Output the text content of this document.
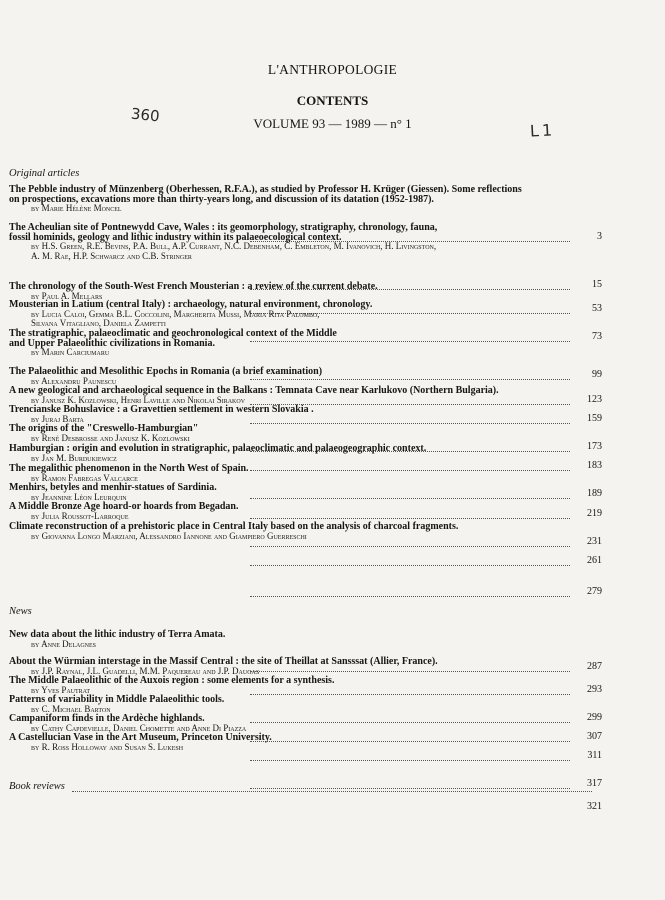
L'ANTHROPOLOGIE
CONTENTS
VOLUME 93 — 1989 — n° 1
360
L1
Original articles
The Pebble industry of Münzenberg (Oberhessen, R.F.A.), as studied by Professor H. Krüger (Giessen). Some reflections
on prospections, excavations more than thirty-years long, and discussion of its datation (1952-1987).
by Marie Hélène Moncel
3
The Acheulian site of Pontnewydd Cave, Wales : its geomorphology, stratigraphy, chronology, fauna,
fossil hominids, geology and lithic industry within its palaeoecological context.
by H.S. Green, R.E. Bevins, P.A. Bull, A.P. Currant, N.C. Debenham, C. Embleton, M. Ivanovich, H. Livingston,
A. M. Rae, H.P. Schwarcz and C.B. Stringer
15
The chronology of the South-West French Mousterian : a review of the current debate.
by Paul A. Mellars
53
Mousterian in Latium (central Italy) : archaeology, natural environment, chronology.
by Lucia Caloi, Gemma B.L. Coccolini, Margherita Mussi, Maria Rita Palombo,
Silvana Vitagliano, Daniela Zampetti
73
The stratigraphic, palaeoclimatic and geochronological context of the Middle
and Upper Palaeolithic civilizations in Romania.
by Marin Carciumaru
99
The Palaeolithic and Mesolithic Epochs in Romania (a brief examination)
by Alexandru Paunescu
123
A new geological and archaeological sequence in the Balkans : Temnata Cave near Karlukovo (Northern Bulgaria).
by Janusz K. Kozlowski, Henri Laville and Nikolai Sirakov
159
Trencianske Bohuslavice : a Gravettien settlement in western Slovakia .
by Juraj Barta
173
The origins of the "Creswello-Hamburgian"
by René Desbrosse and Janusz K. Kozlowski
183
Hamburgian : origin and evolution in stratigraphic, palaeoclimatic and palaeogeographic context.
by Jan M. Burdukiewicz
189
The megalithic phenomenon in the North West of Spain.
by Ramon Fabregas Valcarce
219
Menhirs, betyles and menhir-statues of Sardinia.
by Jeannine Léon Leurquin
231
A Middle Bronze Age hoard-or hoards from Begadan.
by Julia Roussot-Larroque
261
Climate reconstruction of a prehistoric place in Central Italy based on the analysis of charcoal fragments.
by Giovanna Longo Marziani, Alessandro Iannone and Giampiero Guerreschi
279
News
New data about the lithic industry of Terra Amata.
by Anne Delagnes
287
About the Würmian interstage in the Massif Central : the site of Theillat at Sansssat (Allier, France).
by J.P. Raynal, J.L. Guadelli, M.M. Paquereau and J.P. Daugas
293
The Middle Palaeolithic of the Auxois region : some elements for a synthesis.
by Yves Pautrat
299
Patterns of variability in Middle Palaeolithic tools.
by C. Michael Barton
307
Campaniform finds in the Ardèche highlands.
by Cathy Capdevielle, Daniel Chomette and Anne Di Piazza
311
A Castellucian Vase in the Art Museum, Princeton University.
by R. Ross Holloway and Susan S. Lukesh
317
Book reviews
321
